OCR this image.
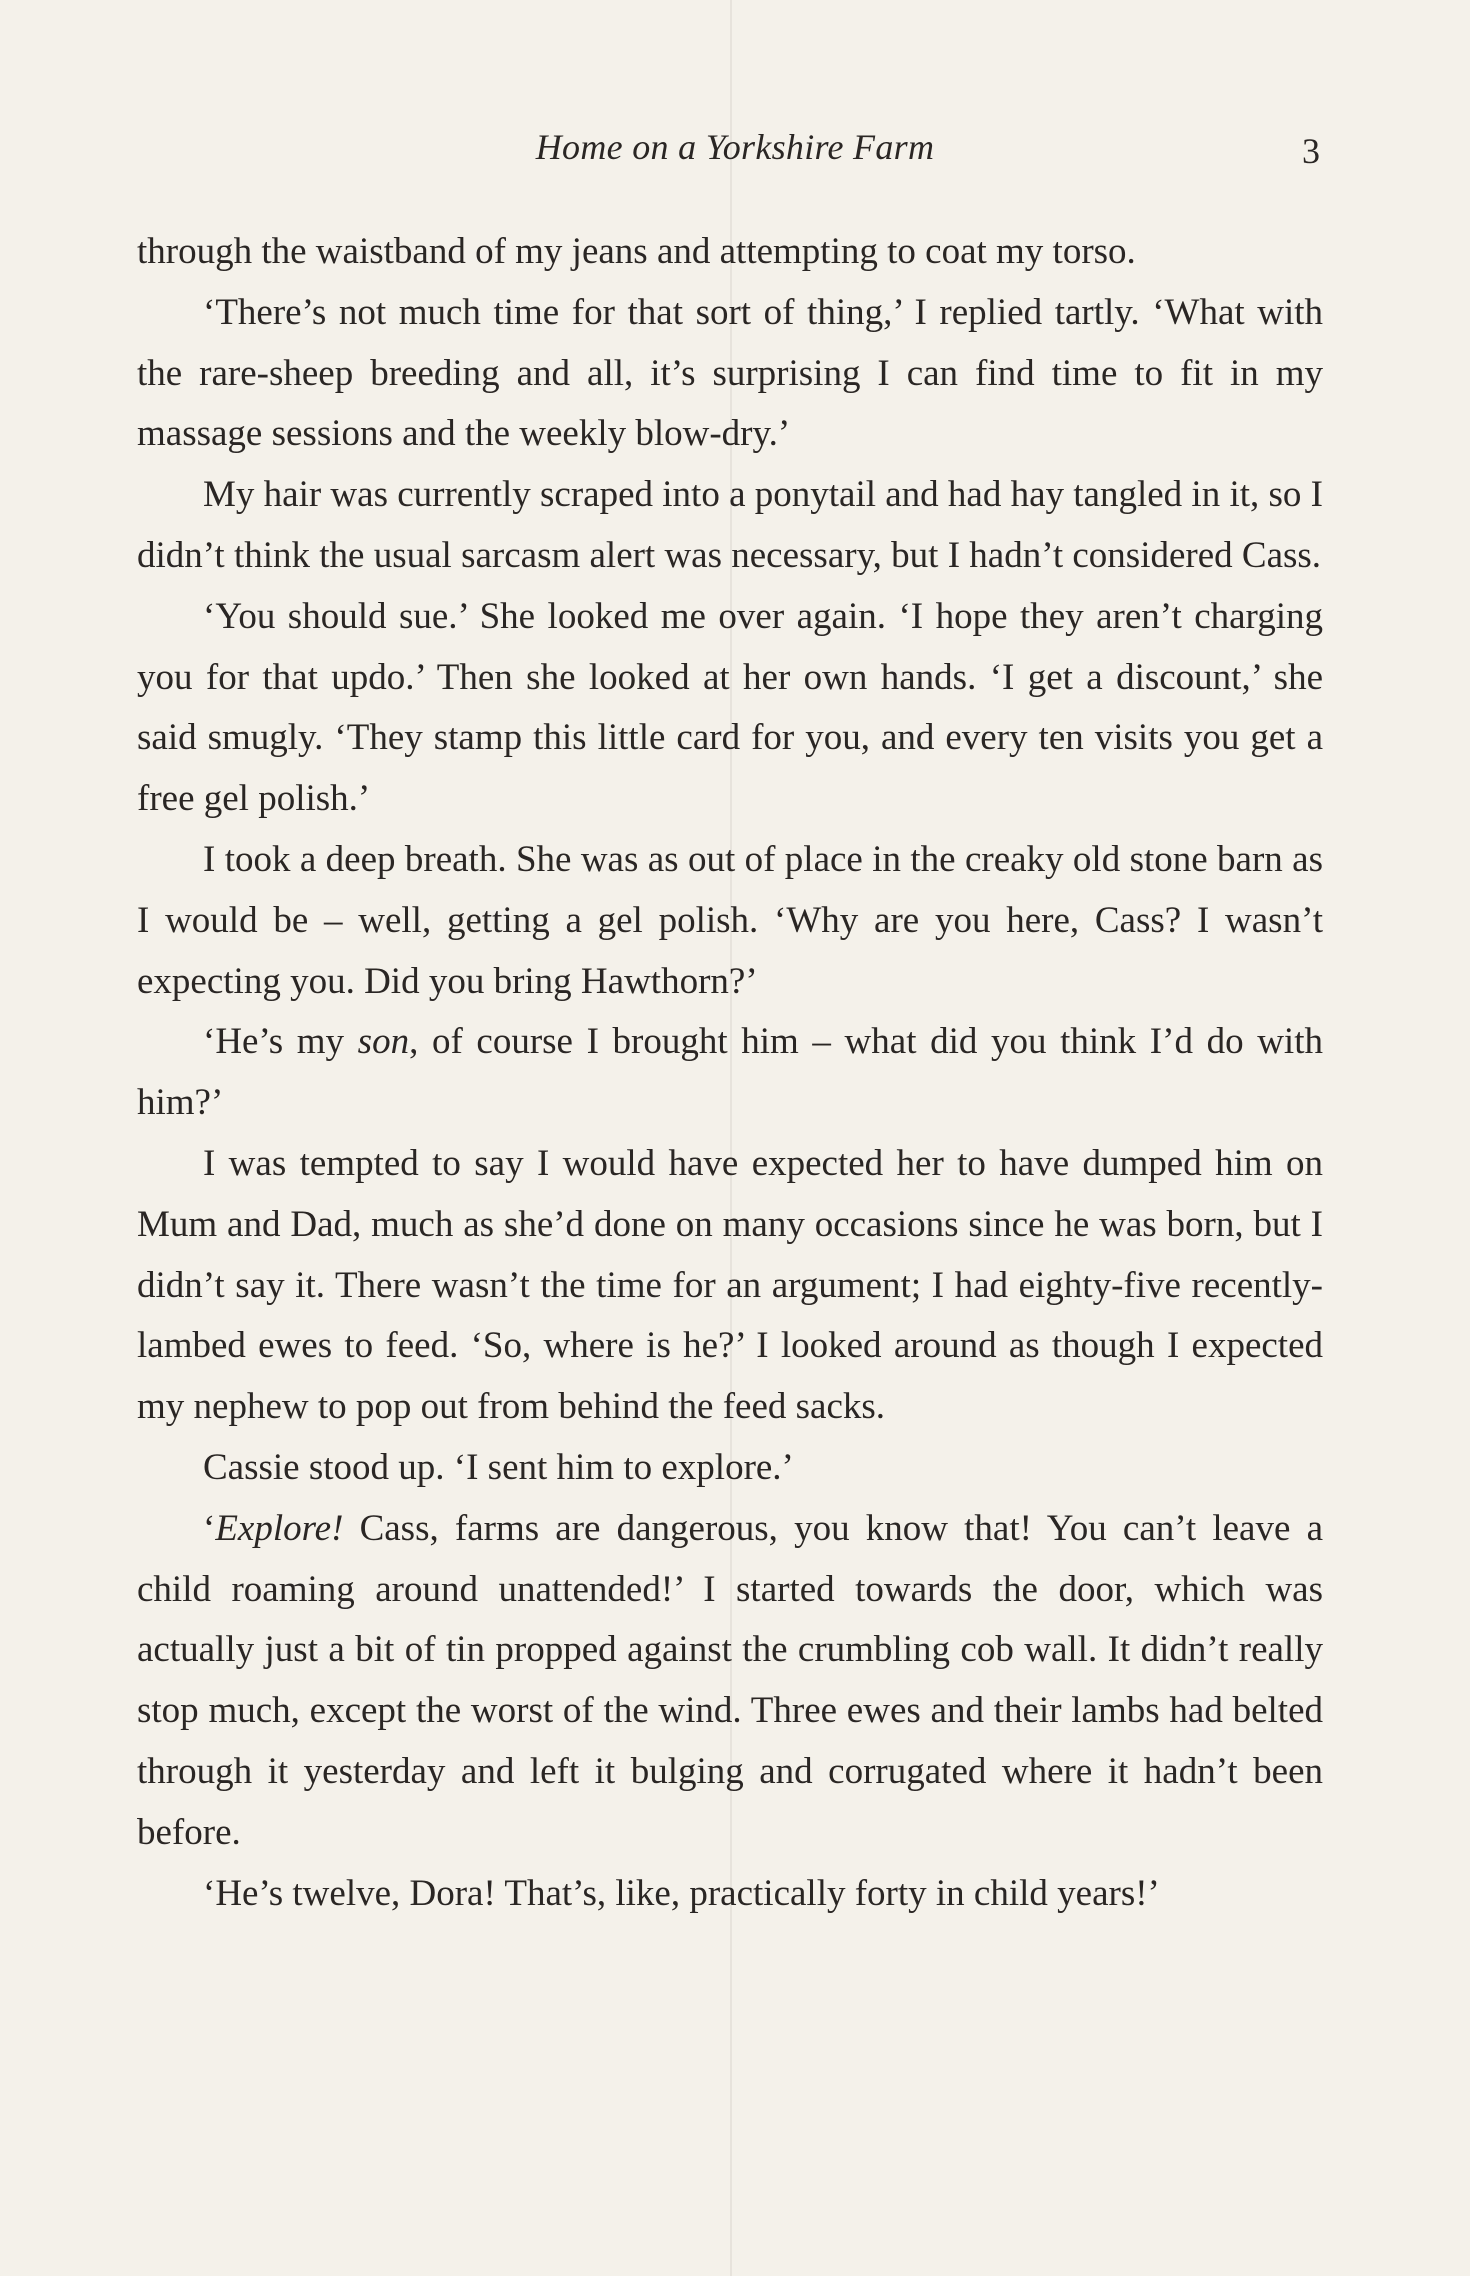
Home on a Yorkshire Farm	3

through the waistband of my jeans and attempting to coat my torso.

‘There’s not much time for that sort of thing,’ I replied tartly. ‘What with the rare-sheep breeding and all, it’s surprising I can find time to fit in my massage sessions and the weekly blow-dry.’

My hair was currently scraped into a ponytail and had hay tangled in it, so I didn’t think the usual sarcasm alert was necessary, but I hadn’t considered Cass.

‘You should sue.’ She looked me over again. ‘I hope they aren’t charging you for that updo.’ Then she looked at her own hands. ‘I get a discount,’ she said smugly. ‘They stamp this little card for you, and every ten visits you get a free gel polish.’

I took a deep breath. She was as out of place in the creaky old stone barn as I would be – well, getting a gel polish. ‘Why are you here, Cass? I wasn’t expecting you. Did you bring Hawthorn?’

‘He’s my son, of course I brought him – what did you think I’d do with him?’

I was tempted to say I would have expected her to have dumped him on Mum and Dad, much as she’d done on many occasions since he was born, but I didn’t say it. There wasn’t the time for an argument; I had eighty-five recently-lambed ewes to feed. ‘So, where is he?’ I looked around as though I expected my nephew to pop out from behind the feed sacks.

Cassie stood up. ‘I sent him to explore.’

‘Explore! Cass, farms are dangerous, you know that! You can’t leave a child roaming around unattended!’ I started towards the door, which was actually just a bit of tin propped against the crumbling cob wall. It didn’t really stop much, except the worst of the wind. Three ewes and their lambs had belted through it yesterday and left it bulging and corrugated where it hadn’t been before.

‘He’s twelve, Dora! That’s, like, practically forty in child years!’
